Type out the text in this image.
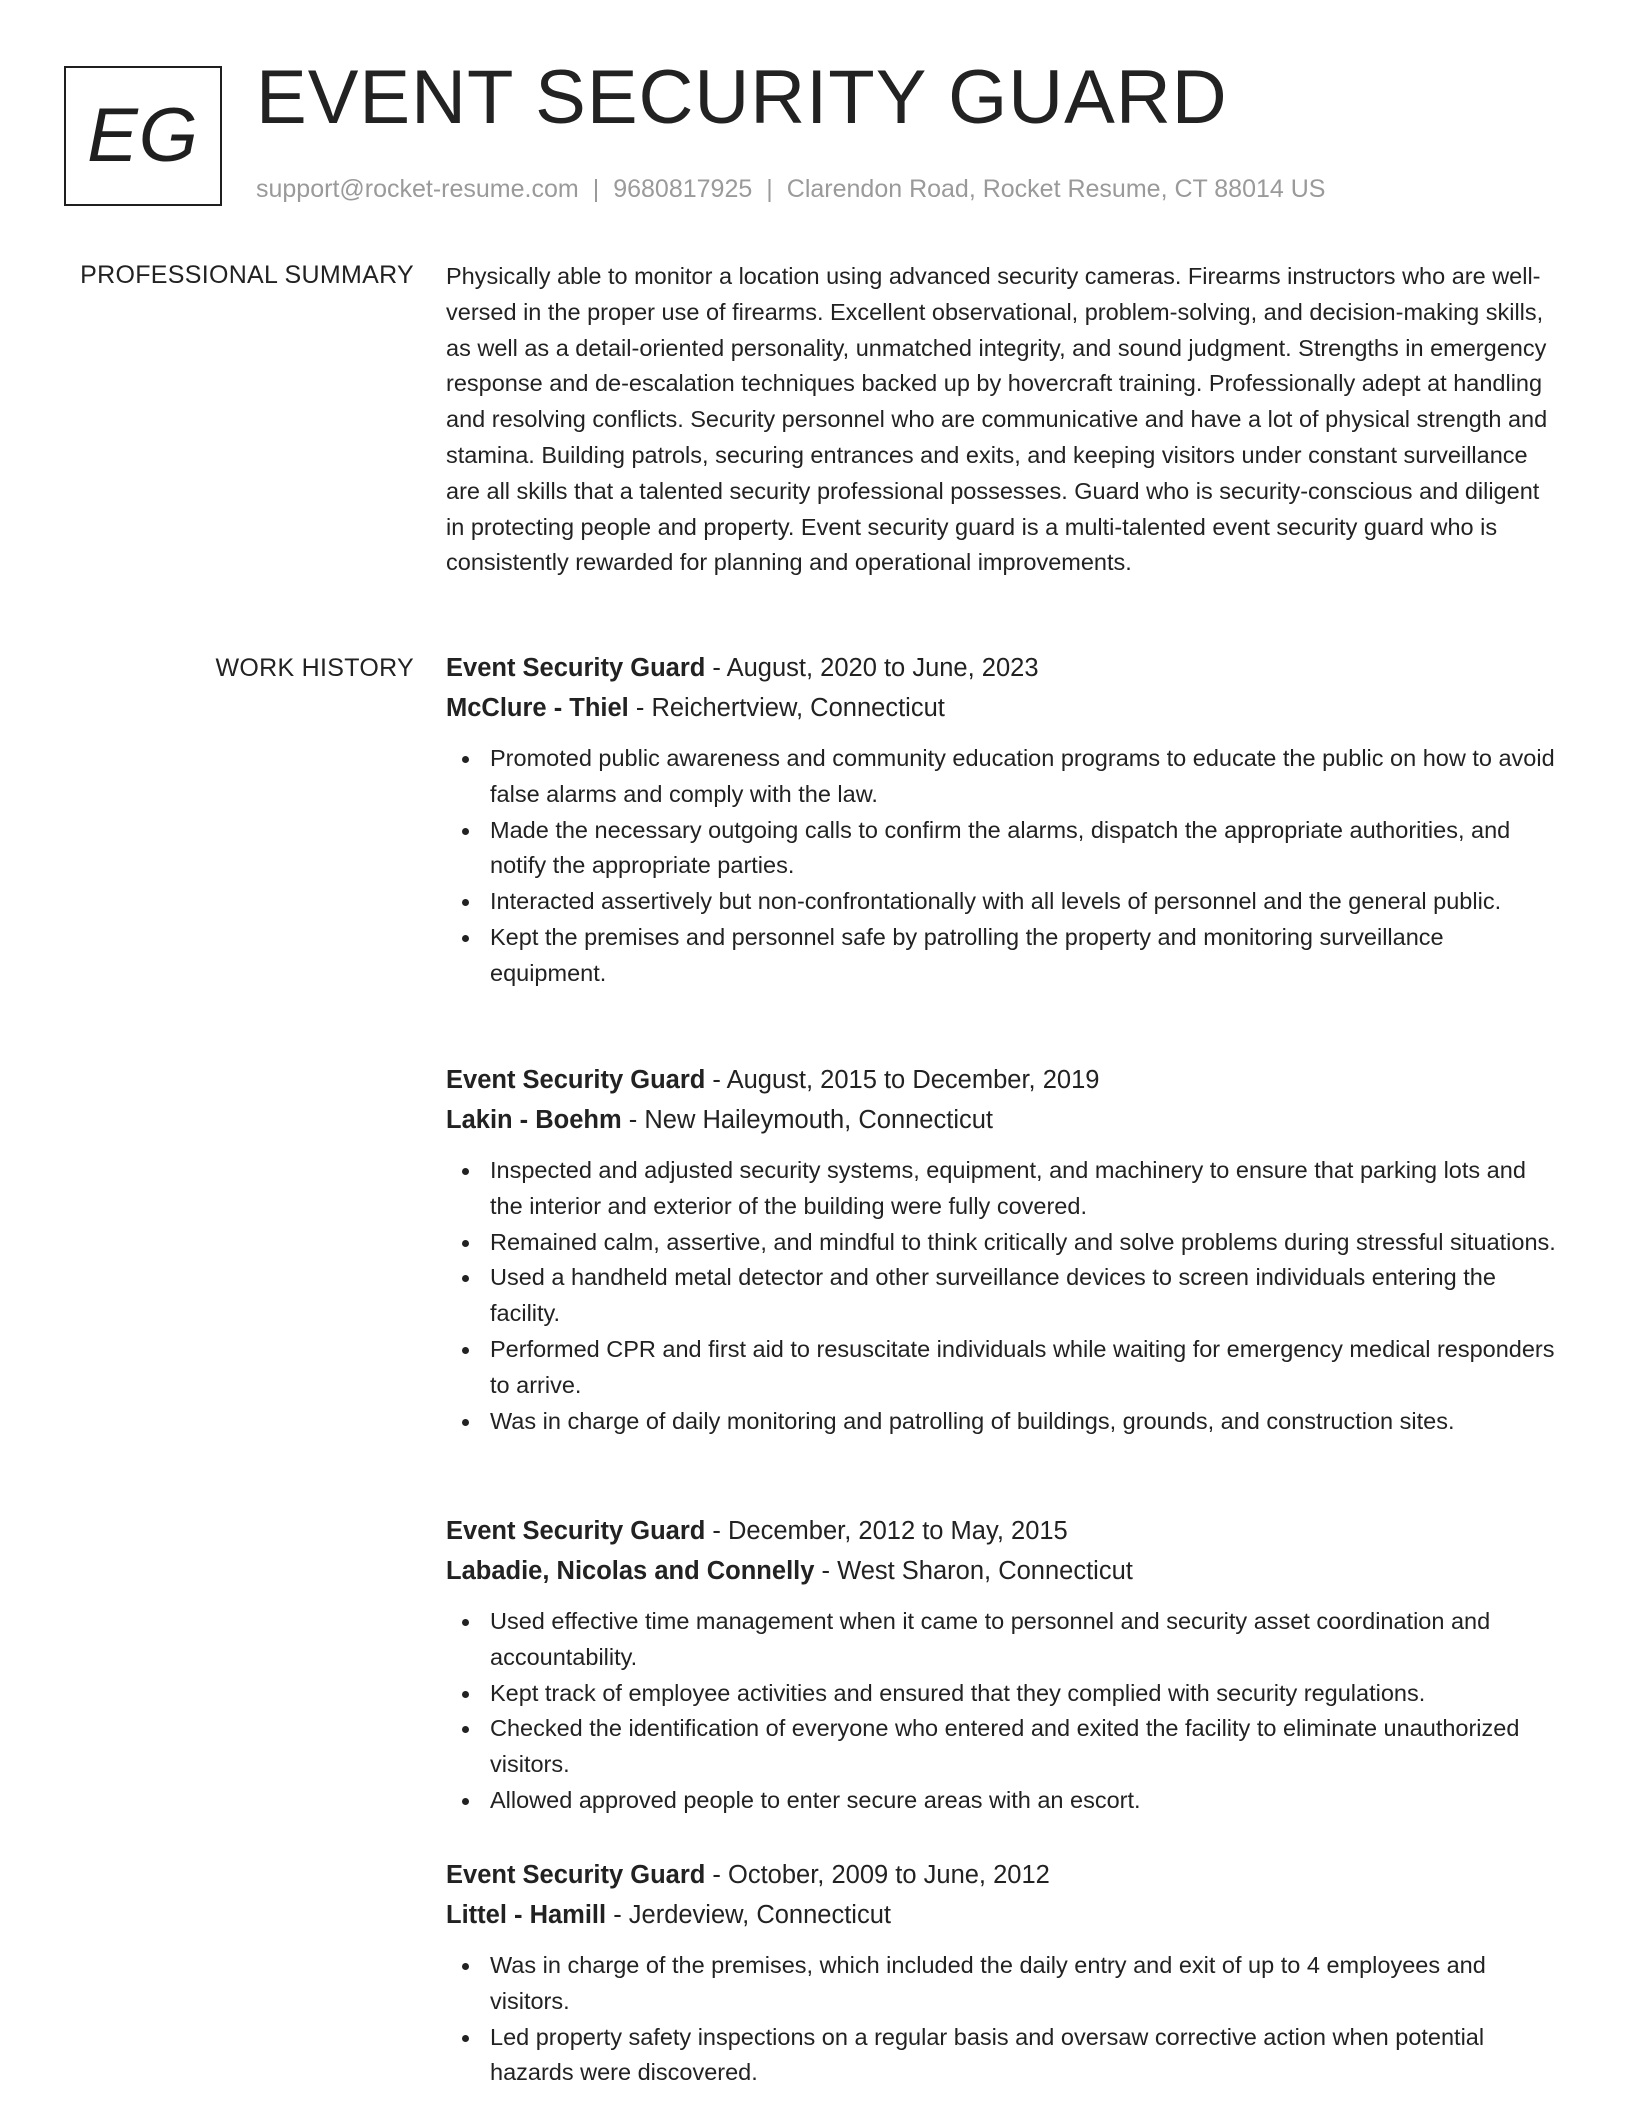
EG EVENT SECURITY GUARD
support@rocket-resume.com | 9680817925 | Clarendon Road, Rocket Resume, CT 88014 US
PROFESSIONAL SUMMARY Physically able to monitor a location using advanced security cameras. Firearms instructors who are well-versed in the proper use of firearms. Excellent observational, problem-solving, and decision-making skills, as well as a detail-oriented personality, unmatched integrity, and sound judgment. Strengths in emergency response and de-escalation techniques backed up by hovercraft training. Professionally adept at handling and resolving conflicts. Security personnel who are communicative and have a lot of physical strength and stamina. Building patrols, securing entrances and exits, and keeping visitors under constant surveillance are all skills that a talented security professional possesses. Guard who is security-conscious and diligent in protecting people and property. Event security guard is a multi-talented event security guard who is consistently rewarded for planning and operational improvements.

WORK HISTORY Event Security Guard - August, 2020 to June, 2023
McClure - Thiel - Reichertview, Connecticut
Promoted public awareness and community education programs to educate the public on how to avoid false alarms and comply with the law.
Made the necessary outgoing calls to confirm the alarms, dispatch the appropriate authorities, and notify the appropriate parties.
Interacted assertively but non-confrontationally with all levels of personnel and the general public.
Kept the premises and personnel safe by patrolling the property and monitoring surveillance equipment.
Event Security Guard - August, 2015 to December, 2019
Lakin - Boehm - New Haileymouth, Connecticut
Inspected and adjusted security systems, equipment, and machinery to ensure that parking lots and the interior and exterior of the building were fully covered.
Remained calm, assertive, and mindful to think critically and solve problems during stressful situations.
Used a handheld metal detector and other surveillance devices to screen individuals entering the facility.
Performed CPR and first aid to resuscitate individuals while waiting for emergency medical responders to arrive.
Was in charge of daily monitoring and patrolling of buildings, grounds, and construction sites.
Event Security Guard - December, 2012 to May, 2015
Labadie, Nicolas and Connelly - West Sharon, Connecticut
Used effective time management when it came to personnel and security asset coordination and accountability.
Kept track of employee activities and ensured that they complied with security regulations.
Checked the identification of everyone who entered and exited the facility to eliminate unauthorized visitors.
Allowed approved people to enter secure areas with an escort.
Event Security Guard - October, 2009 to June, 2012
Littel - Hamill - Jerdeview, Connecticut
Was in charge of the premises, which included the daily entry and exit of up to 4 employees and visitors.
Led property safety inspections on a regular basis and oversaw corrective action when potential hazards were discovered.
